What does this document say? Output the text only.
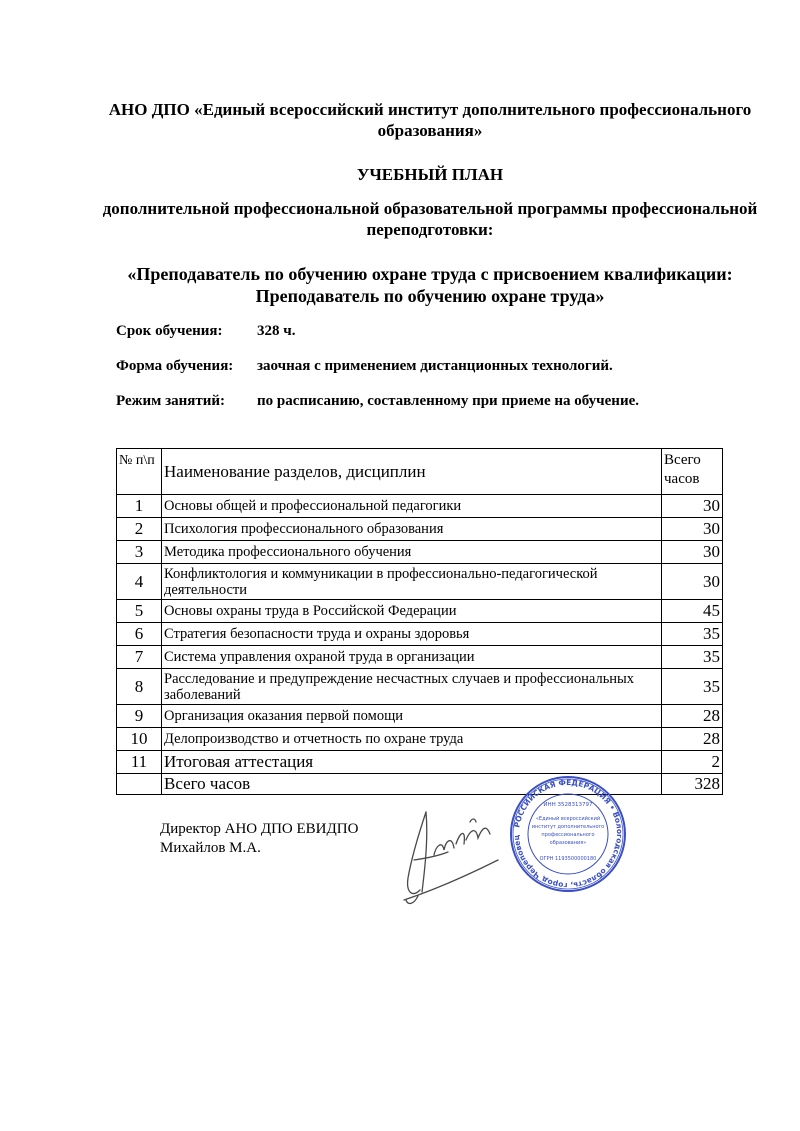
АНО ДПО «Единый всероссийский институт дополнительного профессионального образования»
УЧЕБНЫЙ ПЛАН
дополнительной профессиональной образовательной программы профессиональной переподготовки:
«Преподаватель по обучению охране труда с присвоением квалификации: Преподаватель по обучению охране труда»
Срок обучения: 328 ч.
Форма обучения: заочная с применением дистанционных технологий.
Режим занятий: по расписанию, составленному при приеме на обучение.
№ п\п	Наименование разделов, дисциплин	Всего часов
1	Основы общей и профессиональной педагогики	30
2	Психология профессионального образования	30
3	Методика профессионального обучения	30
4	Конфликтология и коммуникации в профессионально-педагогической деятельности	30
5	Основы охраны труда в Российской Федерации	45
6	Стратегия безопасности труда и охраны здоровья	35
7	Система управления охраной труда в организации	35
8	Расследование и предупреждение несчастных случаев и профессиональных заболеваний	35
9	Организация оказания первой помощи	28
10	Делопроизводство и отчетность по охране труда	28
11	Итоговая аттестация	2
	Всего часов	328
Директор АНО ДПО ЕВИДПО
Михайлов М.А.
РОССИЙСКАЯ ФЕДЕРАЦИЯ • Вологодская область, город Череповец
ИНН 3528313797
«Единый всероссийский
институт дополнительного
профессионального
образования»
ОГРН 1193500000180
